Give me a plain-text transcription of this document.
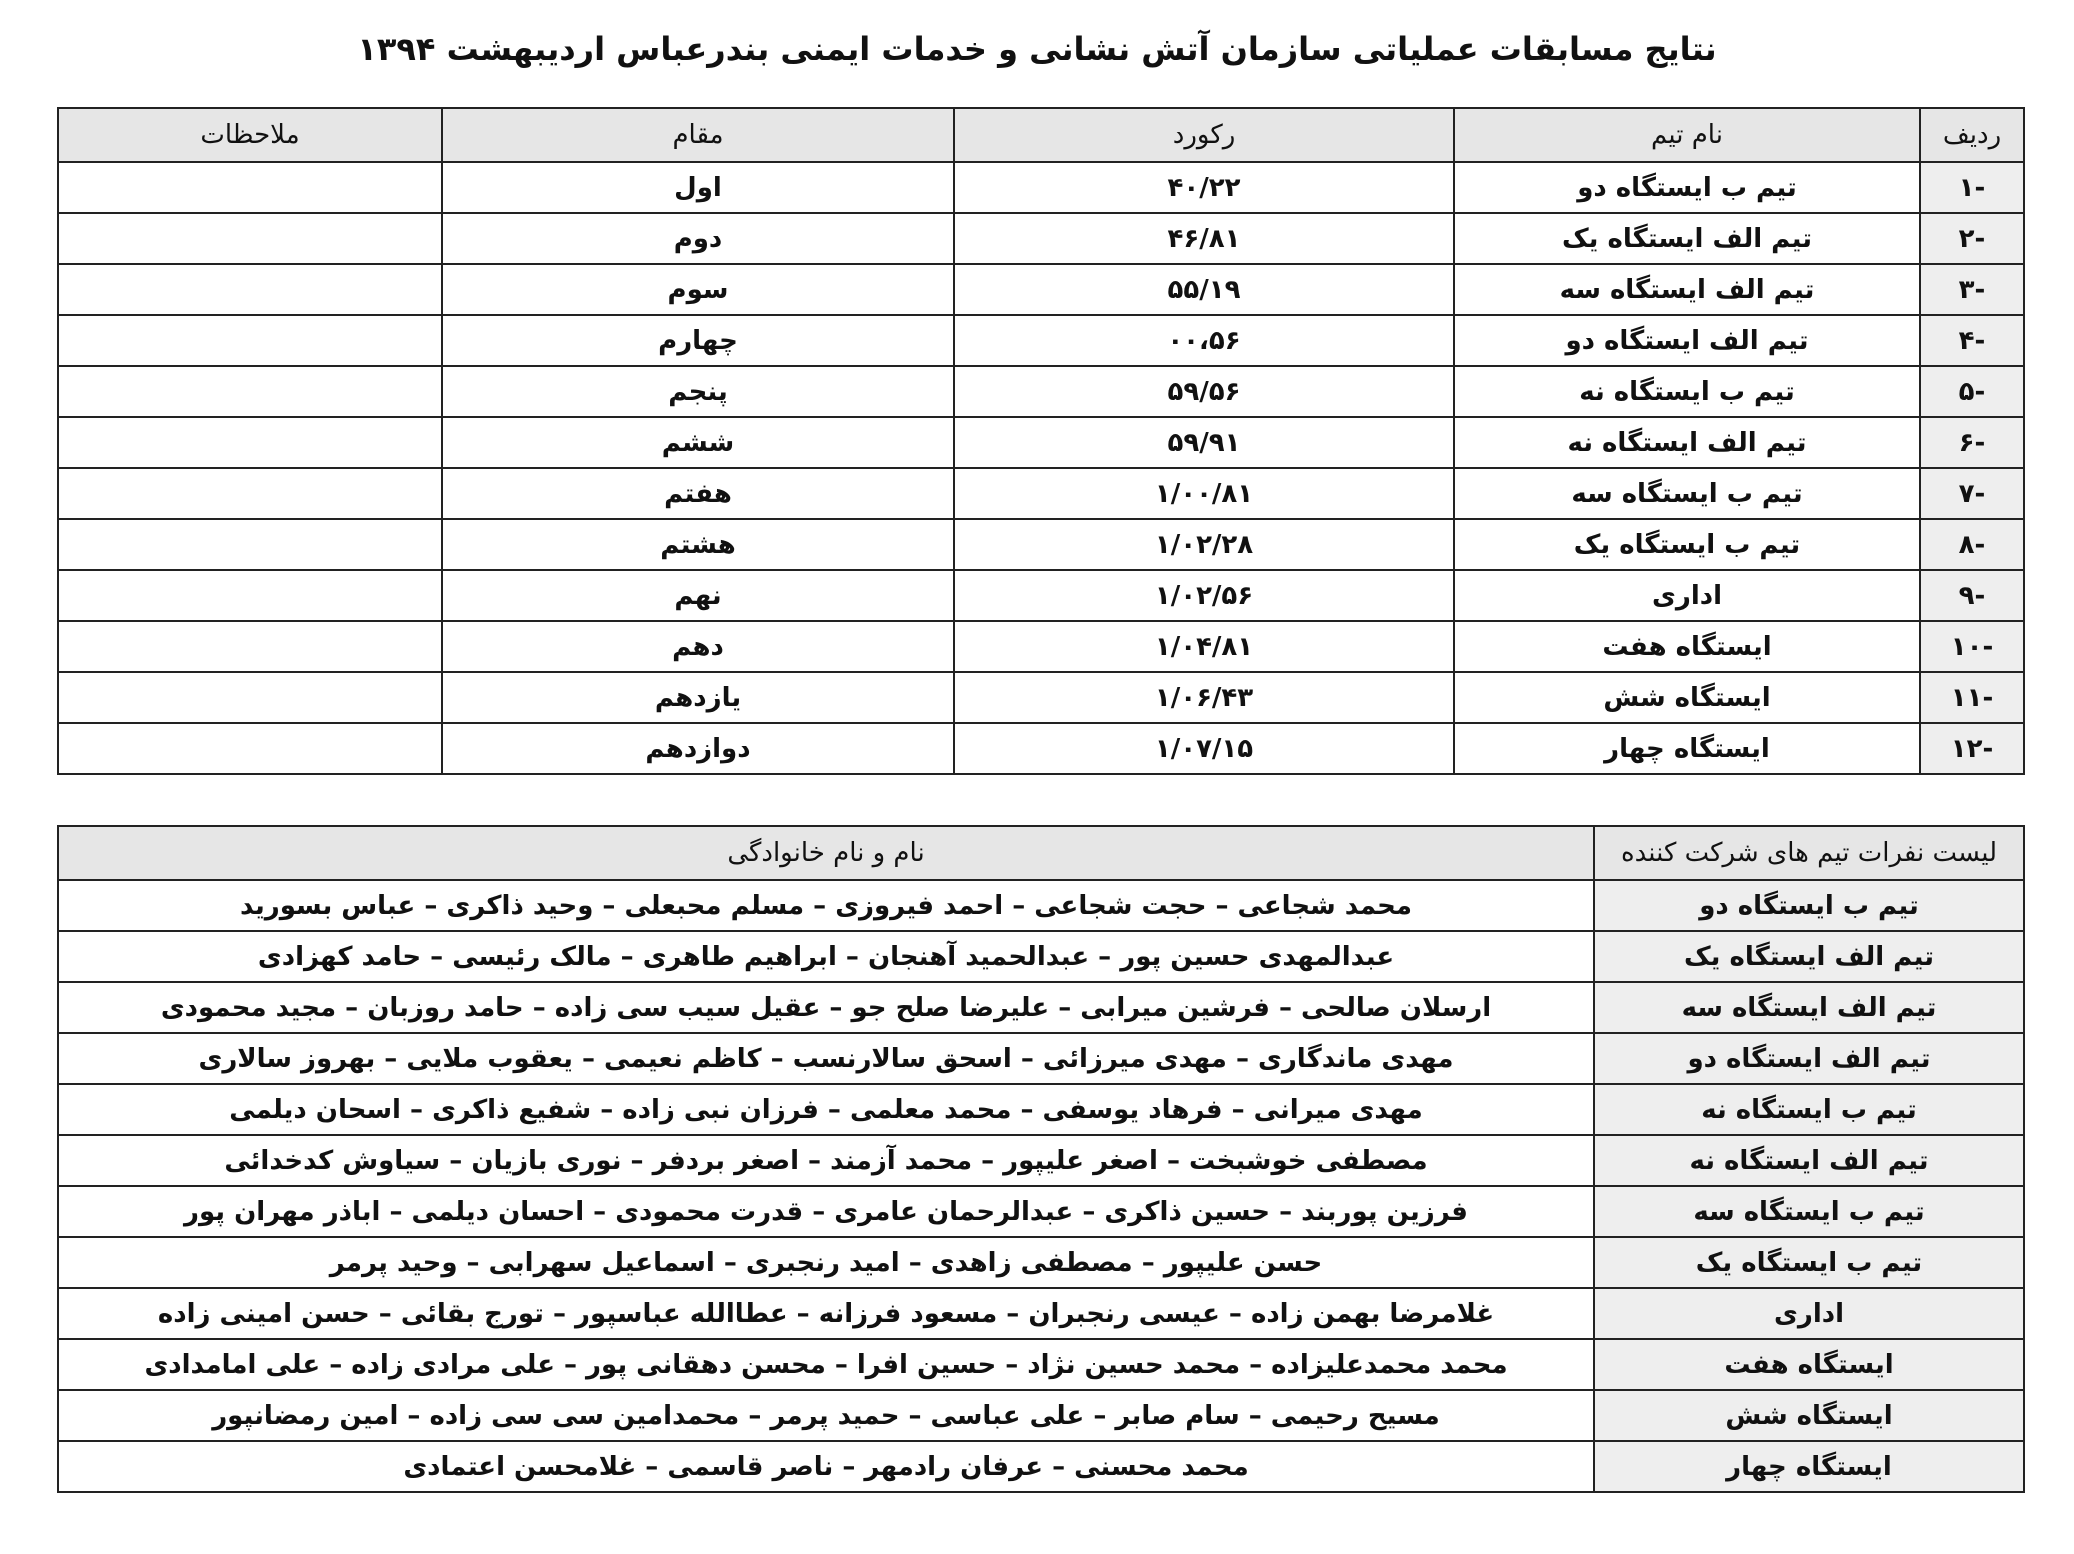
نتایج مسابقات عملیاتی سازمان آتش نشانی و خدمات ایمنی بندرعباس اردیبهشت ۱۳۹۴
ردیف	نام تیم	رکورد	مقام	ملاحظات
-۱	تیم ب ایستگاه دو	۴۰/۲۲	اول	
-۲	تیم الف ایستگاه یک	۴۶/۸۱	دوم	
-۳	تیم الف ایستگاه سه	۵۵/۱۹	سوم	
-۴	تیم الف ایستگاه دو	۰۰،۵۶	چهارم	
-۵	تیم ب ایستگاه نه	۵۹/۵۶	پنجم	
-۶	تیم الف ایستگاه نه	۵۹/۹۱	ششم	
-۷	تیم ب ایستگاه سه	۱/۰۰/۸۱	هفتم	
-۸	تیم ب ایستگاه یک	۱/۰۲/۲۸	هشتم	
-۹	اداری	۱/۰۲/۵۶	نهم	
-۱۰	ایستگاه هفت	۱/۰۴/۸۱	دهم	
-۱۱	ایستگاه شش	۱/۰۶/۴۳	یازدهم	
-۱۲	ایستگاه چهار	۱/۰۷/۱۵	دوازدهم	
لیست نفرات تیم های شرکت کننده	نام و نام خانوادگی
تیم ب ایستگاه دو	محمد شجاعی – حجت شجاعی – احمد فیروزی – مسلم محبعلی – وحید ذاکری – عباس بسورید
تیم الف ایستگاه یک	عبدالمهدی حسین پور – عبدالحمید آهنجان – ابراهیم طاهری – مالک رئیسی – حامد کهزادی
تیم الف ایستگاه سه	ارسلان صالحی – فرشین میرابی – علیرضا صلح جو – عقیل سیب سی زاده – حامد روزبان – مجید محمودی
تیم الف ایستگاه دو	مهدی ماندگاری – مهدی میرزائی – اسحق سالارنسب – کاظم نعیمی – یعقوب ملایی – بهروز سالاری
تیم ب ایستگاه نه	مهدی میرانی – فرهاد یوسفی – محمد معلمی – فرزان نبی زاده – شفیع ذاکری – اسحان دیلمی
تیم الف ایستگاه نه	مصطفی خوشبخت – اصغر علیپور – محمد آزمند – اصغر بردفر – نوری بازیان – سیاوش کدخدائی
تیم ب ایستگاه سه	فرزین پوربند – حسین ذاکری – عبدالرحمان عامری – قدرت محمودی – احسان دیلمی – اباذر مهران پور
تیم ب ایستگاه یک	حسن علیپور – مصطفی زاهدی – امید رنجبری – اسماعیل سهرابی – وحید پرمر
اداری	غلامرضا بهمن زاده – عیسی رنجبران – مسعود فرزانه – عطاالله عباسپور – تورج بقائی – حسن امینی زاده
ایستگاه هفت	محمد محمدعلیزاده – محمد حسین نژاد – حسین افرا – محسن دهقانی پور – علی مرادی زاده – علی امامدادی
ایستگاه شش	مسیح رحیمی – سام صابر – علی عباسی – حمید پرمر – محمدامین سی سی زاده – امین رمضانپور
ایستگاه چهار	محمد محسنی – عرفان رادمهر – ناصر قاسمی – غلامحسن اعتمادی
